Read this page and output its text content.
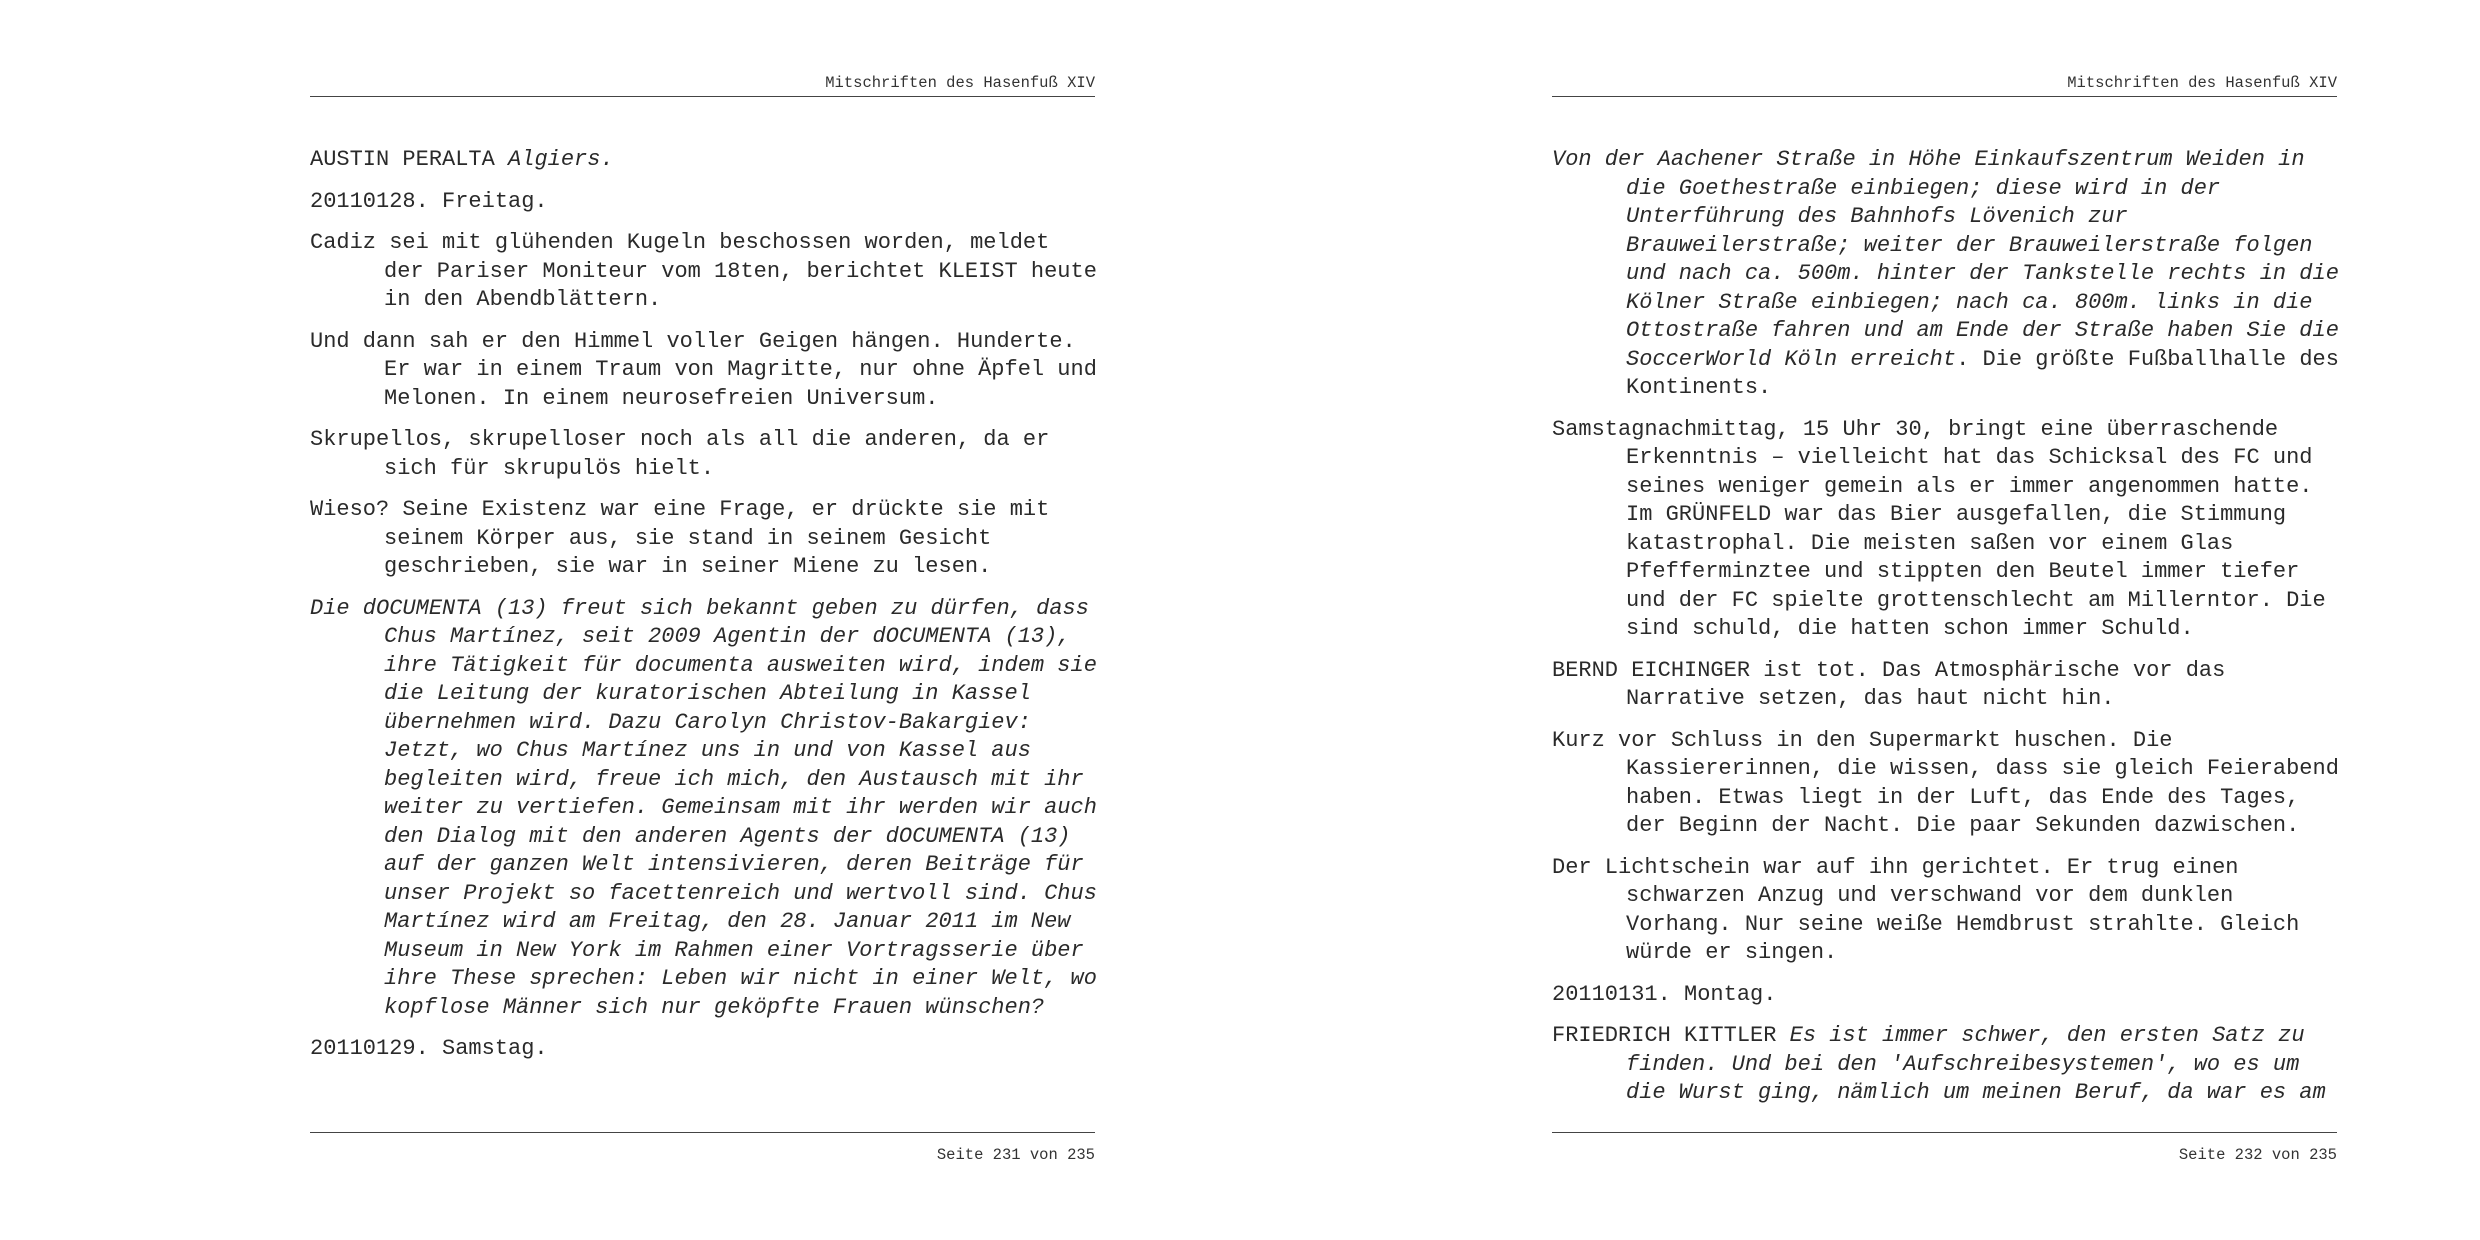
Mitschriften des Hasenfuß XIV

AUSTIN PERALTA Algiers.

20110128. Freitag.

Cadiz sei mit glühenden Kugeln beschossen worden, meldet der Pariser Moniteur vom 18ten, berichtet KLEIST heute in den Abendblättern.

Und dann sah er den Himmel voller Geigen hängen. Hunderte. Er war in einem Traum von Magritte, nur ohne Äpfel und Melonen. In einem neurosefreien Universum.

Skrupellos, skrupelloser noch als all die anderen, da er sich für skrupulös hielt.

Wieso? Seine Existenz war eine Frage, er drückte sie mit seinem Körper aus, sie stand in seinem Gesicht geschrieben, sie war in seiner Miene zu lesen.

Die dOCUMENTA (13) freut sich bekannt geben zu dürfen, dass Chus Martínez, seit 2009 Agentin der dOCUMENTA (13), ihre Tätigkeit für documenta ausweiten wird, indem sie die Leitung der kuratorischen Abteilung in Kassel übernehmen wird. Dazu Carolyn Christov-Bakargiev: Jetzt, wo Chus Martínez uns in und von Kassel aus begleiten wird, freue ich mich, den Austausch mit ihr weiter zu vertiefen. Gemeinsam mit ihr werden wir auch den Dialog mit den anderen Agents der dOCUMENTA (13) auf der ganzen Welt intensivieren, deren Beiträge für unser Projekt so facettenreich und wertvoll sind. Chus Martínez wird am Freitag, den 28. Januar 2011 im New Museum in New York im Rahmen einer Vortragsserie über ihre These sprechen: Leben wir nicht in einer Welt, wo kopflose Männer sich nur geköpfte Frauen wünschen?

20110129. Samstag.

Seite 231 von 235
Mitschriften des Hasenfuß XIV

Von der Aachener Straße in Höhe Einkaufszentrum Weiden in die Goethestraße einbiegen; diese wird in der Unterführung des Bahnhofs Lövenich zur Brauweilerstraße; weiter der Brauweilerstraße folgen und nach ca. 500m. hinter der Tankstelle rechts in die Kölner Straße einbiegen; nach ca. 800m. links in die Ottostraße fahren und am Ende der Straße haben Sie die SoccerWorld Köln erreicht. Die größte Fußballhalle des Kontinents.

Samstagnachmittag, 15 Uhr 30, bringt eine überraschende Erkenntnis – vielleicht hat das Schicksal des FC und seines weniger gemein als er immer angenommen hatte. Im GRÜNFELD war das Bier ausgefallen, die Stimmung katastrophal. Die meisten saßen vor einem Glas Pfefferminztee und stippten den Beutel immer tiefer und der FC spielte grottenschlecht am Millerntor. Die sind schuld, die hatten schon immer Schuld.

BERND EICHINGER ist tot. Das Atmosphärische vor das Narrative setzen, das haut nicht hin.

Kurz vor Schluss in den Supermarkt huschen. Die Kassiererinnen, die wissen, dass sie gleich Feierabend haben. Etwas liegt in der Luft, das Ende des Tages, der Beginn der Nacht. Die paar Sekunden dazwischen.

Der Lichtschein war auf ihn gerichtet. Er trug einen schwarzen Anzug und verschwand vor dem dunklen Vorhang. Nur seine weiße Hemdbrust strahlte. Gleich würde er singen.

20110131. Montag.

FRIEDRICH KITTLER Es ist immer schwer, den ersten Satz zu finden. Und bei den 'Aufschreibesystemen', wo es um die Wurst ging, nämlich um meinen Beruf, da war es am

Seite 232 von 235
